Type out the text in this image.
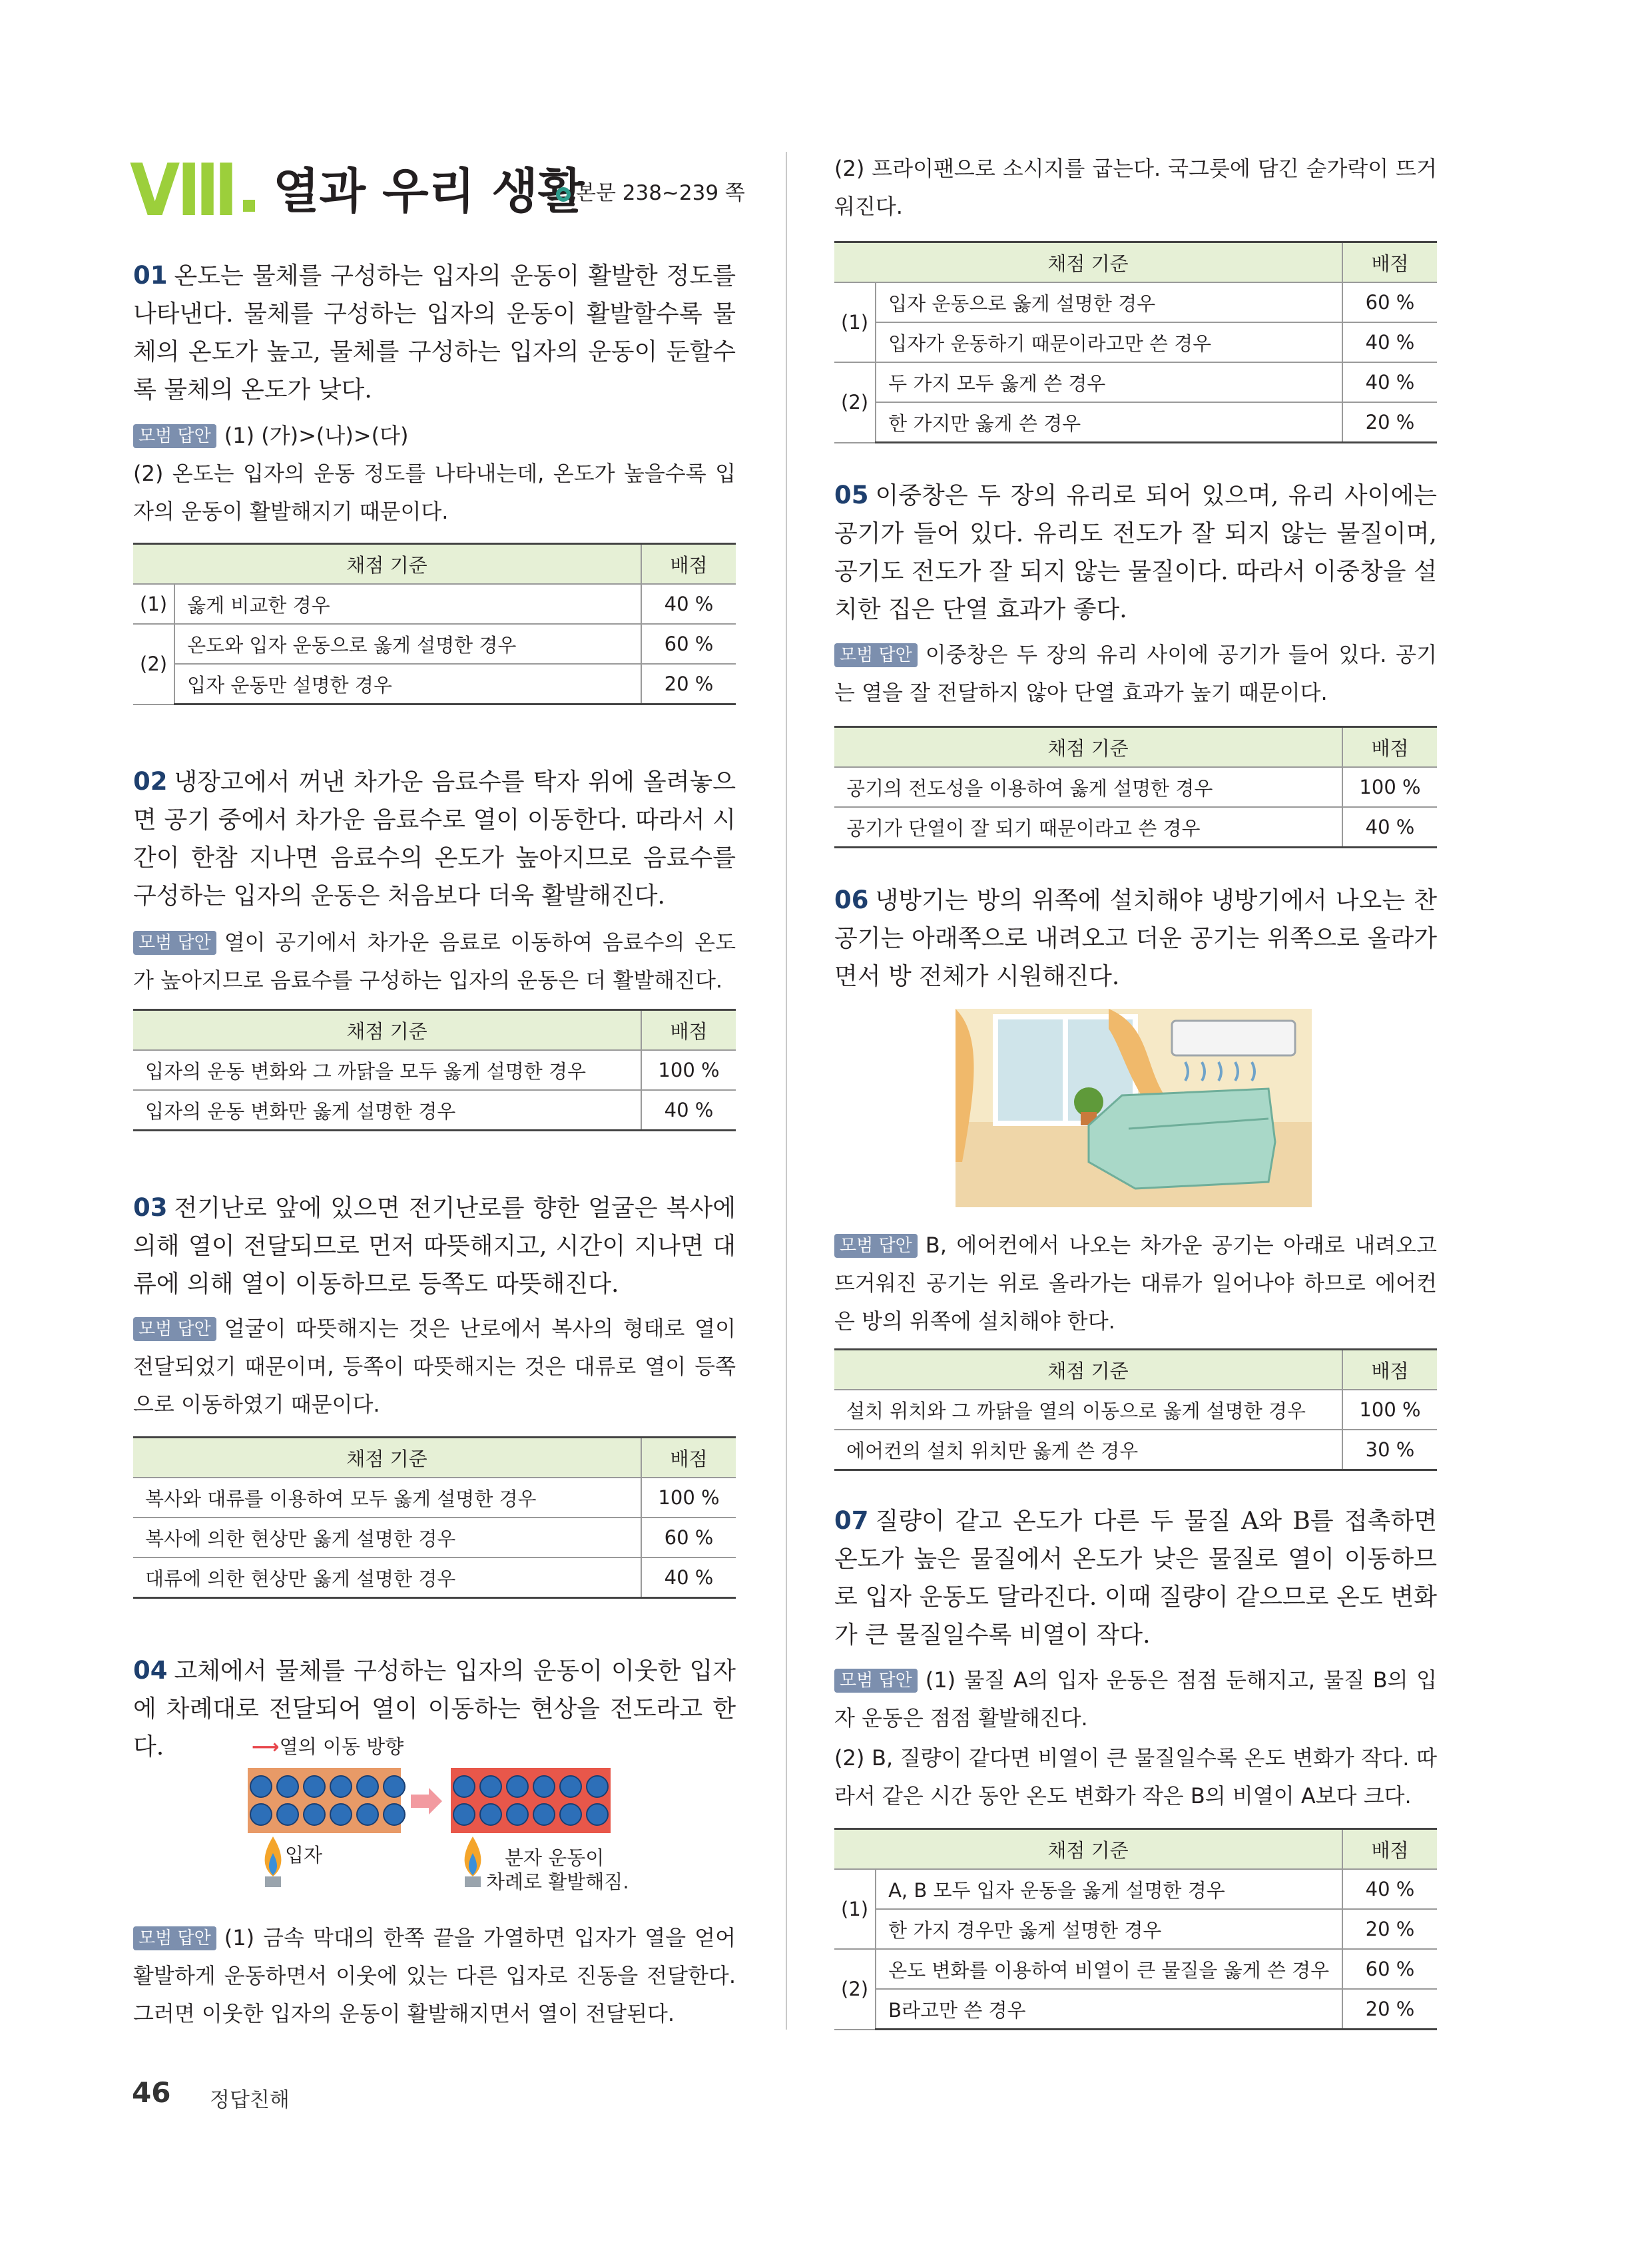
Ⅷ 열과 우리 생활
본문 238~239 쪽
01 온도는 물체를 구성하는 입자의 운동이 활발한 정도를 나타낸다. 물체를 구성하는 입자의 운동이 활발할수록 물체의 온도가 높고, 물체를 구성하는 입자의 운동이 둔할수록 물체의 온도가 낮다.
모범 답안 (1) (가)>(나)>(다)
(2) 온도는 입자의 운동 정도를 나타내는데, 온도가 높을수록 입자의 운동이 활발해지기 때문이다.
채점 기준		배점
(1)	옳게 비교한 경우	40 %
(2)	온도와 입자 운동으로 옳게 설명한 경우	60 %
	입자 운동만 설명한 경우	20 %
02 냉장고에서 꺼낸 차가운 음료수를 탁자 위에 올려놓으면 공기 중에서 차가운 음료수로 열이 이동한다. 따라서 시간이 한참 지나면 음료수의 온도가 높아지므로 음료수를 구성하는 입자의 운동은 처음보다 더욱 활발해진다.
모범 답안 열이 공기에서 차가운 음료로 이동하여 음료수의 온도가 높아지므로 음료수를 구성하는 입자의 운동은 더 활발해진다.
채점 기준	배점
입자의 운동 변화와 그 까닭을 모두 옳게 설명한 경우	100 %
입자의 운동 변화만 옳게 설명한 경우	40 %
03 전기난로 앞에 있으면 전기난로를 향한 얼굴은 복사에 의해 열이 전달되므로 먼저 따뜻해지고, 시간이 지나면 대류에 의해 열이 이동하므로 등쪽도 따뜻해진다.
모범 답안 얼굴이 따뜻해지는 것은 난로에서 복사의 형태로 열이 전달되었기 때문이며, 등쪽이 따뜻해지는 것은 대류로 열이 등쪽으로 이동하였기 때문이다.
채점 기준	배점
복사와 대류를 이용하여 모두 옳게 설명한 경우	100 %
복사에 의한 현상만 옳게 설명한 경우	60 %
대류에 의한 현상만 옳게 설명한 경우	40 %
04 고체에서 물체를 구성하는 입자의 운동이 이웃한 입자에 차례대로 전달되어 열이 이동하는 현상을 전도라고 한다.	⟶열의 이동 방향
입자	분자 운동이
차례로 활발해짐.
모범 답안 (1) 금속 막대의 한쪽 끝을 가열하면 입자가 열을 얻어 활발하게 운동하면서 이웃에 있는 다른 입자로 진동을 전달한다. 그러면 이웃한 입자의 운동이 활발해지면서 열이 전달된다.
(2) 프라이팬으로 소시지를 굽는다. 국그릇에 담긴 숟가락이 뜨거워진다.
채점 기준		배점
(1)	입자 운동으로 옳게 설명한 경우	60 %
	입자가 운동하기 때문이라고만 쓴 경우	40 %
(2)	두 가지 모두 옳게 쓴 경우	40 %
	한 가지만 옳게 쓴 경우	20 %
05 이중창은 두 장의 유리로 되어 있으며, 유리 사이에는 공기가 들어 있다. 유리도 전도가 잘 되지 않는 물질이며, 공기도 전도가 잘 되지 않는 물질이다. 따라서 이중창을 설치한 집은 단열 효과가 좋다.
모범 답안 이중창은 두 장의 유리 사이에 공기가 들어 있다. 공기는 열을 잘 전달하지 않아 단열 효과가 높기 때문이다.
채점 기준	배점
공기의 전도성을 이용하여 옳게 설명한 경우	100 %
공기가 단열이 잘 되기 때문이라고 쓴 경우	40 %
06 냉방기는 방의 위쪽에 설치해야 냉방기에서 나오는 찬 공기는 아래쪽으로 내려오고 더운 공기는 위쪽으로 올라가면서 방 전체가 시원해진다.
모범 답안 B, 에어컨에서 나오는 차가운 공기는 아래로 내려오고 뜨거워진 공기는 위로 올라가는 대류가 일어나야 하므로 에어컨은 방의 위쪽에 설치해야 한다.
채점 기준	배점
설치 위치와 그 까닭을 열의 이동으로 옳게 설명한 경우	100 %
에어컨의 설치 위치만 옳게 쓴 경우	30 %
07 질량이 같고 온도가 다른 두 물질 A와 B를 접촉하면 온도가 높은 물질에서 온도가 낮은 물질로 열이 이동하므로 입자 운동도 달라진다. 이때 질량이 같으므로 온도 변화가 큰 물질일수록 비열이 작다.
모범 답안 (1) 물질 A의 입자 운동은 점점 둔해지고, 물질 B의 입자 운동은 점점 활발해진다.
(2) B, 질량이 같다면 비열이 큰 물질일수록 온도 변화가 작다. 따라서 같은 시간 동안 온도 변화가 작은 B의 비열이 A보다 크다.
채점 기준		배점
(1)	A, B 모두 입자 운동을 옳게 설명한 경우	40 %
	한 가지 경우만 옳게 설명한 경우	20 %
(2)	온도 변화를 이용하여 비열이 큰 물질을 옳게 쓴 경우	60 %
	B라고만 쓴 경우	20 %
46 정답친해
